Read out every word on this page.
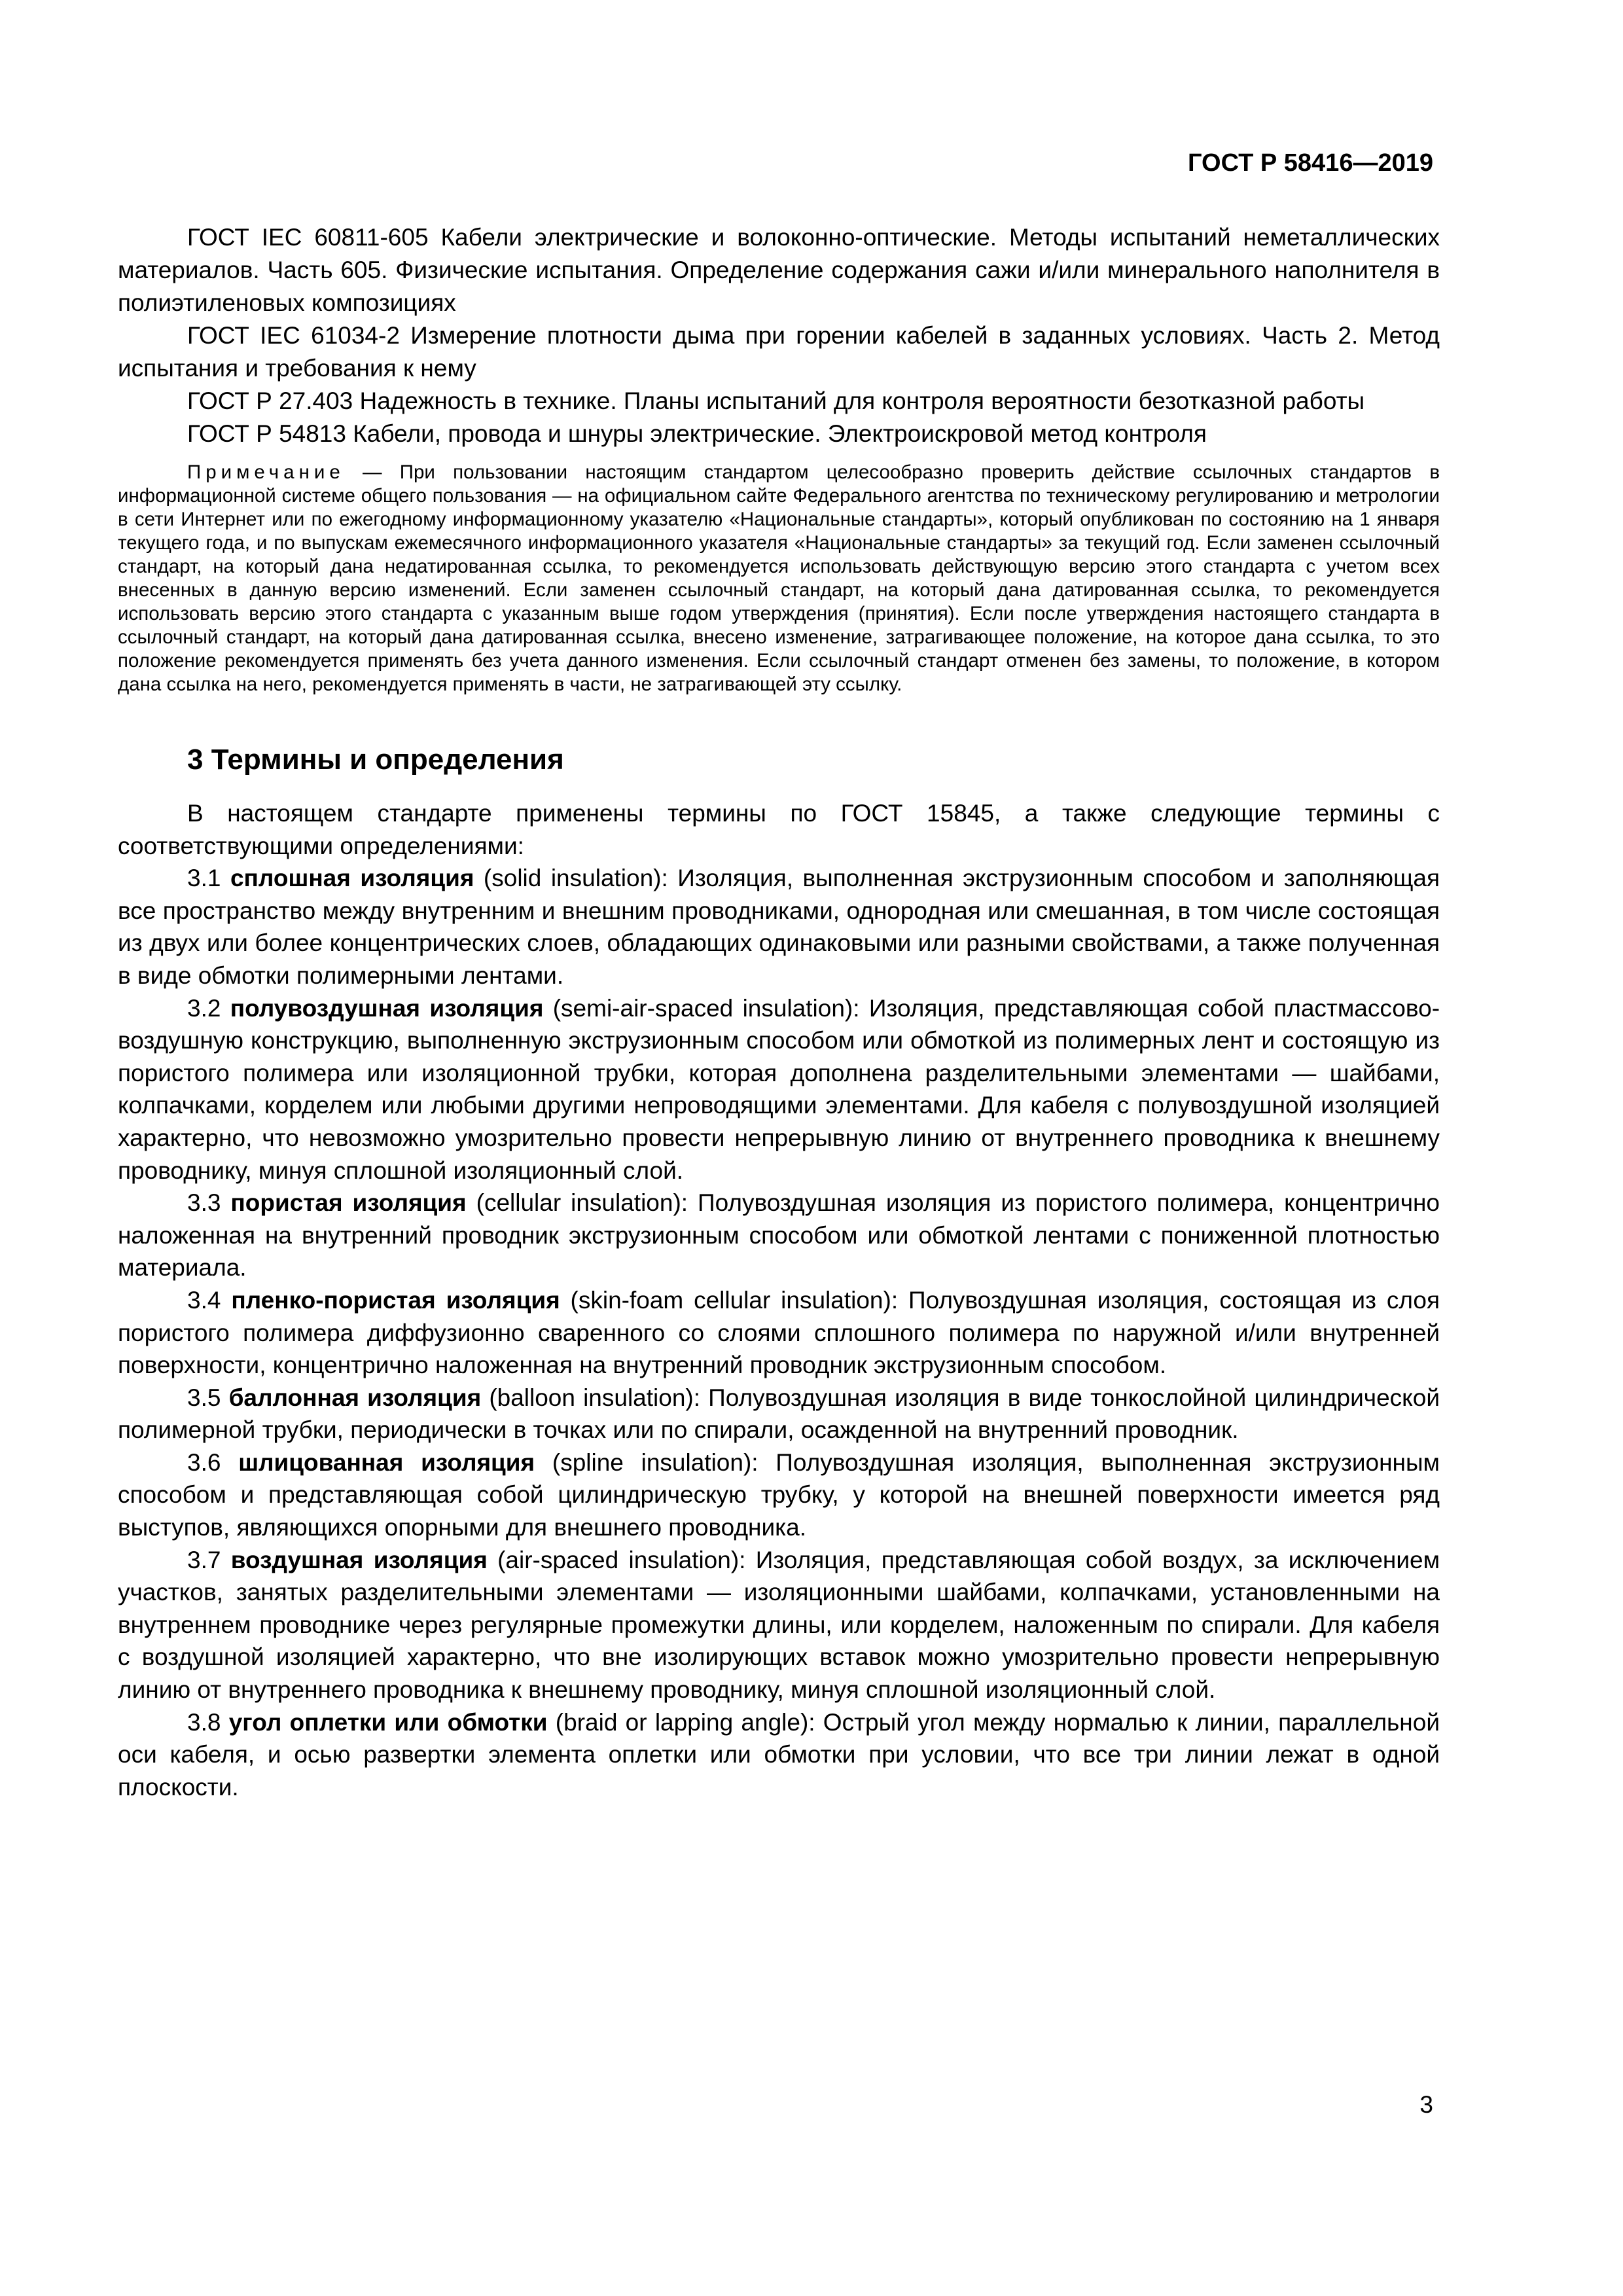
ГОСТ Р 58416—2019

ГОСТ IEC 60811-605 Кабели электрические и волоконно-оптические. Методы испытаний неметаллических материалов. Часть 605. Физические испытания. Определение содержания сажи и/или минерального наполнителя в полиэтиленовых композициях

ГОСТ IEC 61034-2 Измерение плотности дыма при горении кабелей в заданных условиях. Часть 2. Метод испытания и требования к нему

ГОСТ Р 27.403 Надежность в технике. Планы испытаний для контроля вероятности безотказной работы

ГОСТ Р 54813 Кабели, провода и шнуры электрические. Электроискровой метод контроля

Примечание — При пользовании настоящим стандартом целесообразно проверить действие ссылочных стандартов в информационной системе общего пользования — на официальном сайте Федерального агентства по техническому регулированию и метрологии в сети Интернет или по ежегодному информационному указателю «Национальные стандарты», который опубликован по состоянию на 1 января текущего года, и по выпускам ежемесячного информационного указателя «Национальные стандарты» за текущий год. Если заменен ссылочный стандарт, на который дана недатированная ссылка, то рекомендуется использовать действующую версию этого стандарта с учетом всех внесенных в данную версию изменений. Если заменен ссылочный стандарт, на который дана датированная ссылка, то рекомендуется использовать версию этого стандарта с указанным выше годом утверждения (принятия). Если после утверждения настоящего стандарта в ссылочный стандарт, на который дана датированная ссылка, внесено изменение, затрагивающее положение, на которое дана ссылка, то это положение рекомендуется применять без учета данного изменения. Если ссылочный стандарт отменен без замены, то положение, в котором дана ссылка на него, рекомендуется применять в части, не затрагивающей эту ссылку.

3 Термины и определения

В настоящем стандарте применены термины по ГОСТ 15845, а также следующие термины с соответствующими определениями:

3.1 сплошная изоляция (solid insulation): Изоляция, выполненная экструзионным способом и заполняющая все пространство между внутренним и внешним проводниками, однородная или смешанная, в том числе состоящая из двух или более концентрических слоев, обладающих одинаковыми или разными свойствами, а также полученная в виде обмотки полимерными лентами.

3.2 полувоздушная изоляция (semi-air-spaced insulation): Изоляция, представляющая собой пластмассово-воздушную конструкцию, выполненную экструзионным способом или обмоткой из полимерных лент и состоящую из пористого полимера или изоляционной трубки, которая дополнена разделительными элементами — шайбами, колпачками, корделем или любыми другими непроводящими элементами. Для кабеля с полувоздушной изоляцией характерно, что невозможно умозрительно провести непрерывную линию от внутреннего проводника к внешнему проводнику, минуя сплошной изоляционный слой.

3.3 пористая изоляция (cellular insulation): Полувоздушная изоляция из пористого полимера, концентрично наложенная на внутренний проводник экструзионным способом или обмоткой лентами с пониженной плотностью материала.

3.4 пленко-пористая изоляция (skin-foam cellular insulation): Полувоздушная изоляция, состоящая из слоя пористого полимера диффузионно сваренного со слоями сплошного полимера по наружной и/или внутренней поверхности, концентрично наложенная на внутренний проводник экструзионным способом.

3.5 баллонная изоляция (balloon insulation): Полувоздушная изоляция в виде тонкослойной цилиндрической полимерной трубки, периодически в точках или по спирали, осажденной на внутренний проводник.

3.6 шлицованная изоляция (spline insulation): Полувоздушная изоляция, выполненная экструзионным способом и представляющая собой цилиндрическую трубку, у которой на внешней поверхности имеется ряд выступов, являющихся опорными для внешнего проводника.

3.7 воздушная изоляция (air-spaced insulation): Изоляция, представляющая собой воздух, за исключением участков, занятых разделительными элементами — изоляционными шайбами, колпачками, установленными на внутреннем проводнике через регулярные промежутки длины, или корделем, наложенным по спирали. Для кабеля с воздушной изоляцией характерно, что вне изолирующих вставок можно умозрительно провести непрерывную линию от внутреннего проводника к внешнему проводнику, минуя сплошной изоляционный слой.

3.8 угол оплетки или обмотки (braid or lapping angle): Острый угол между нормалью к линии, параллельной оси кабеля, и осью развертки элемента оплетки или обмотки при условии, что все три линии лежат в одной плоскости.

3
